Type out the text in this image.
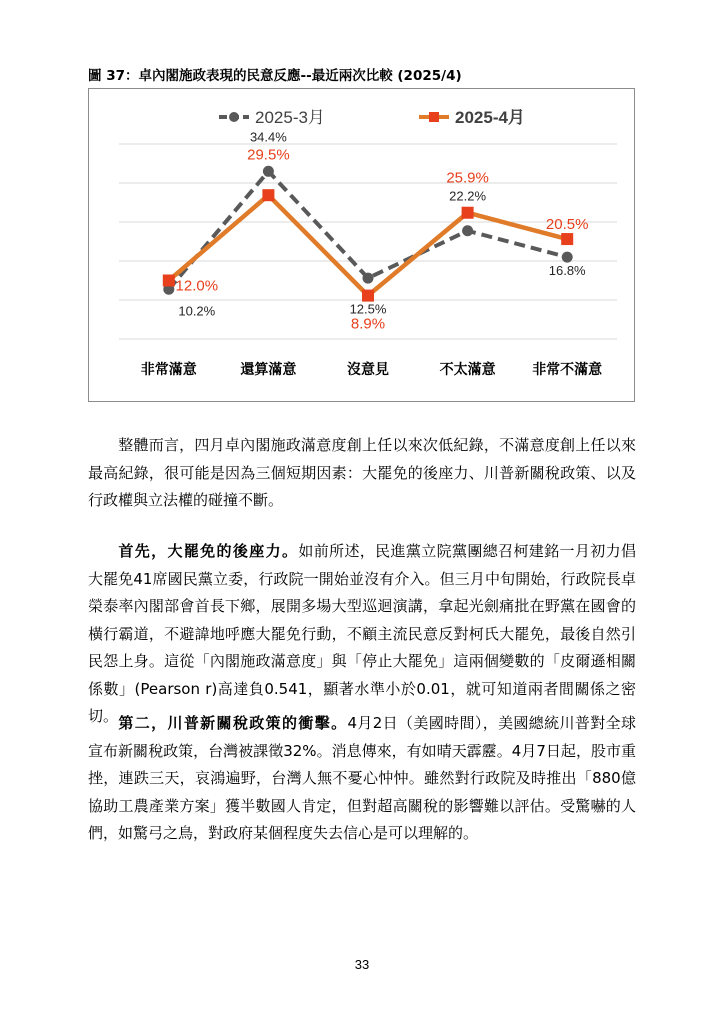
圖 37：卓內閣施政表現的民意反應--最近兩次比較 (2025/4)
2025-3月	2025-4月
12.0%
10.2%
34.4%
29.5%
12.5%
8.9%
25.9%
22.2%
20.5%
16.8%
非常滿意	還算滿意	沒意見	不太滿意	非常不滿意
整體而言，四月卓內閣施政滿意度創上任以來次低紀錄，不滿意度創上任以來最高紀錄，很可能是因為三個短期因素：大罷免的後座力、川普新關稅政策、以及行政權與立法權的碰撞不斷。
首先，大罷免的後座力。如前所述，民進黨立院黨團總召柯建銘一月初力倡大罷免41席國民黨立委，行政院一開始並沒有介入。但三月中旬開始，行政院長卓榮泰率內閣部會首長下鄉，展開多場大型巡迴演講，拿起光劍痛批在野黨在國會的橫行霸道，不避諱地呼應大罷免行動，不顧主流民意反對柯氏大罷免，最後自然引民怨上身。這從「內閣施政滿意度」與「停止大罷免」這兩個變數的「皮爾遜相關係數」(Pearson r)高達負0.541，顯著水準小於0.01，就可知道兩者間關係之密切。 第二，川普新關稅政策的衝擊。4月2日（美國時間），美國總統川普對全球宣布新關稅政策，台灣被課徵32%。消息傳來，有如晴天霹靂。4月7日起，股市重挫，連跌三天，哀鴻遍野，台灣人無不憂心忡忡。雖然對行政院及時推出「880億協助工農產業方案」獲半數國人肯定，但對超高關稅的影響難以評估。受驚嚇的人們，如驚弓之鳥，對政府某個程度失去信心是可以理解的。
33
